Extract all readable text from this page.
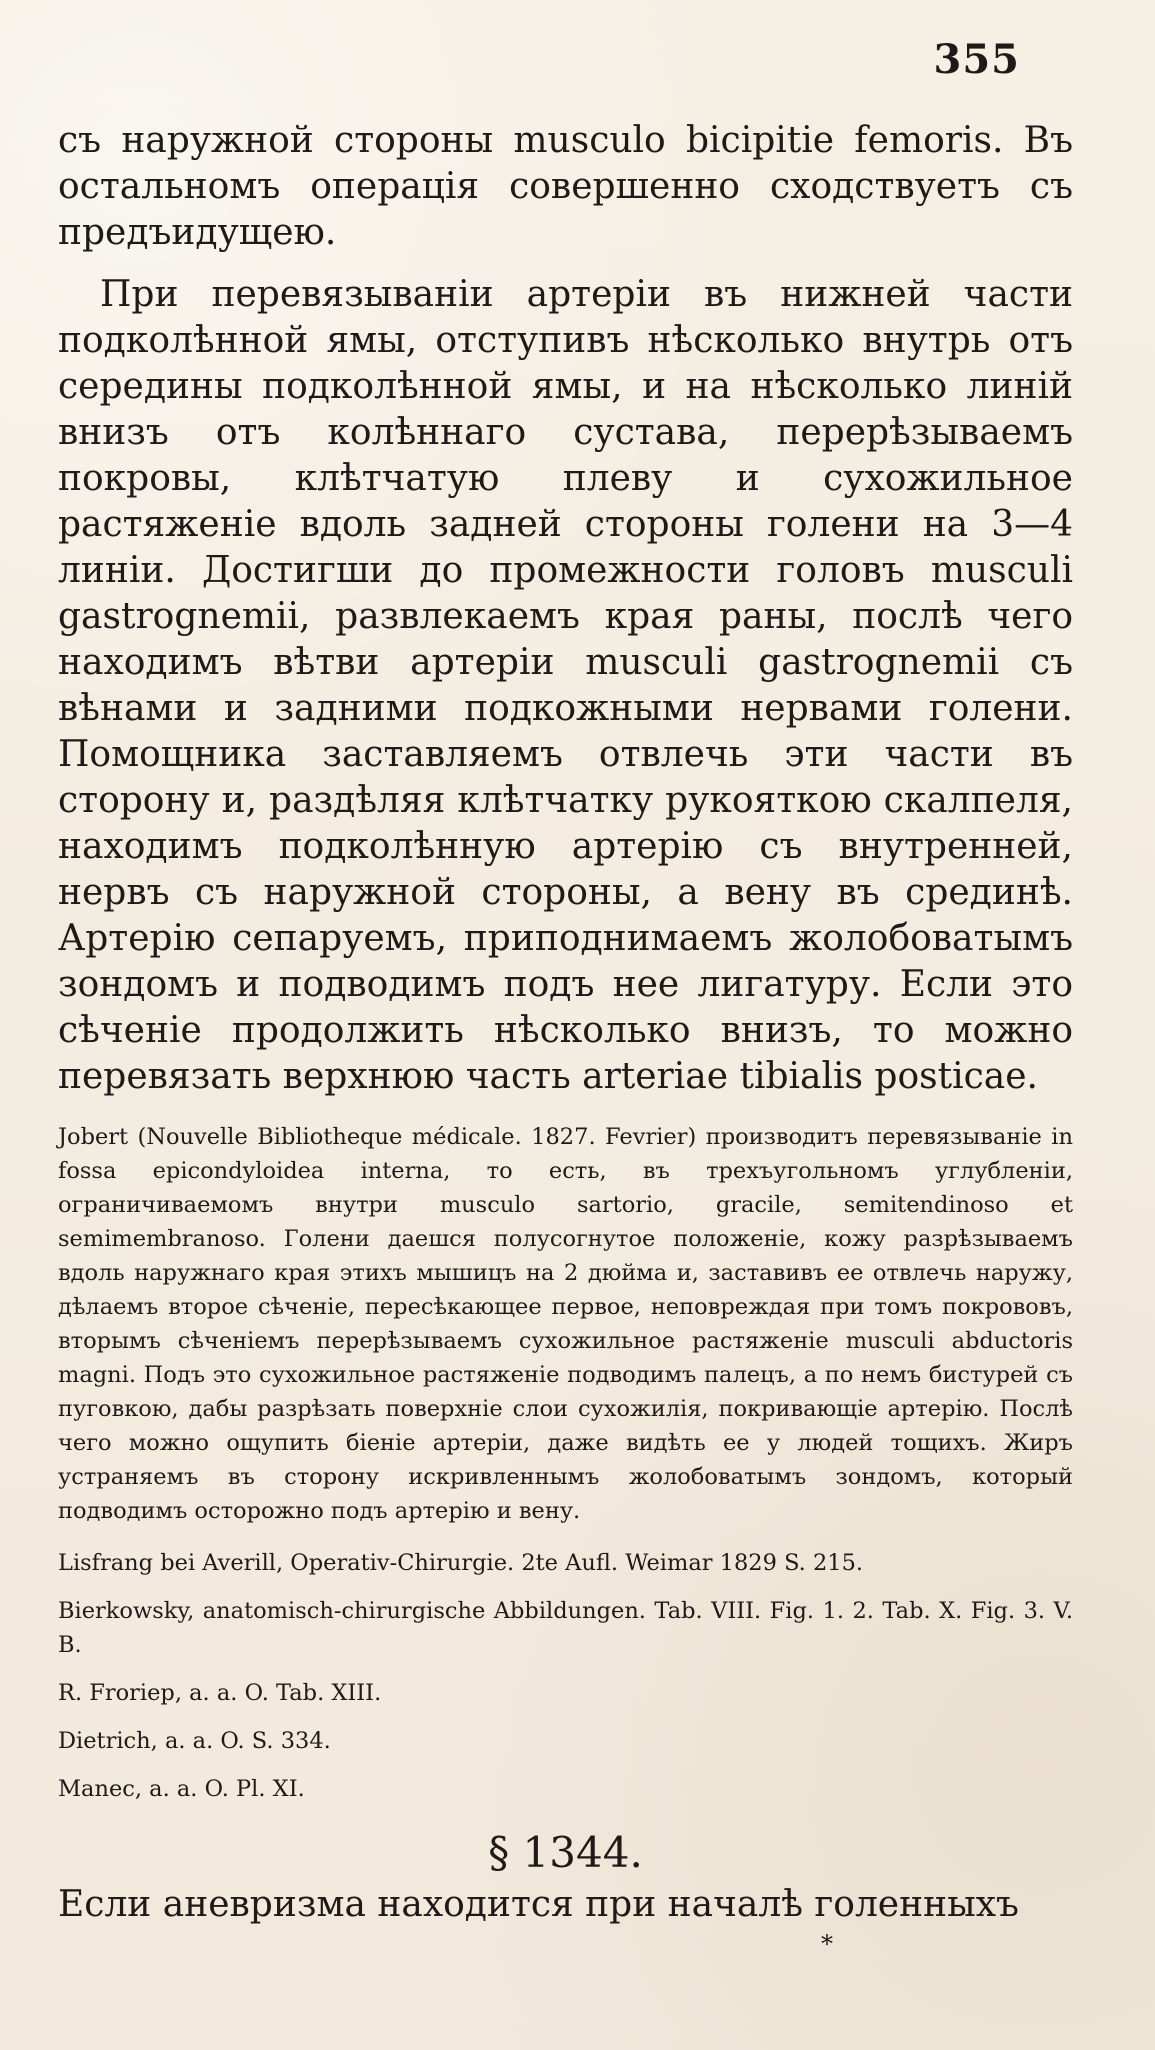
355

съ наружной стороны musculo bicipitie femoris. Въ остальномъ операція совершенно сходствуетъ съ предъидущею.

При перевязываніи артеріи въ нижней части подколѣнной ямы, отступивъ нѣсколько внутрь отъ середины подколѣнной ямы, и на нѣсколько линій внизъ отъ колѣннаго сустава, перерѣзываемъ покровы, клѣтчатую плеву и сухожильное растяженіе вдоль задней стороны голени на 3—4 линіи. Достигши до промежности головъ musculi gastrognemii, развлекаемъ края раны, послѣ чего находимъ вѣтви артеріи musculi gastrognemii съ вѣнами и задними подкожными нервами голени. Помощника заставляемъ отвлечь эти части въ сторону и, раздѣляя клѣтчатку рукояткою скалпеля, находимъ подколѣнную артерію съ внутренней, нервъ съ наружной стороны, а вену въ срединѣ. Артерію сепаруемъ, приподнимаемъ жолобоватымъ зондомъ и подводимъ подъ нее лигатуру. Если это сѣченіе продолжить нѣсколько внизъ, то можно перевязать верхнюю часть arteriae tibialis posticae.

Jobert (Nouvelle Bibliotheque médicale. 1827. Fevrier) производитъ перевязываніе in fossa epicondyloidea interna, то есть, въ трехъугольномъ углубленіи, ограничиваемомъ внутри musculo sartorio, gracile, semitendinoso et semimembranoso. Голени даешся полусогнутое положеніе, кожу разрѣзываемъ вдоль наружнаго края этихъ мышицъ на 2 дюйма и, заставивъ ее отвлечь наружу, дѣлаемъ второе сѣченіе, пересѣкающее первое, неповреждая при томъ покрововъ, вторымъ сѣченіемъ перерѣзываемъ сухожильное растяженіе musculi abductoris magni. Подъ это сухожильное растяженіе подводимъ палецъ, а по немъ бистурей съ пуговкою, дабы разрѣзать поверхніе слои сухожилія, покривающіе артерію. Послѣ чего можно ощупить біеніе артеріи, даже видѣть ее у людей тощихъ. Жиръ устраняемъ въ сторону искривленнымъ жолобоватымъ зондомъ, который подводимъ осторожно подъ артерію и вену.

Lisfrang bei Averill, Operativ-Chirurgie. 2te Aufl. Weimar 1829 S. 215.

Bierkowsky, anatomisch-chirurgische Abbildungen. Tab. VIII. Fig. 1. 2. Tab. X. Fig. 3. V. B.

R. Froriep, a. a. O. Tab. XIII.

Dietrich, a. a. O. S. 334.

Manec, a. a. O. Pl. XI.

§ 1344.

Если аневризма находится при началѣ голенныхъ

*
